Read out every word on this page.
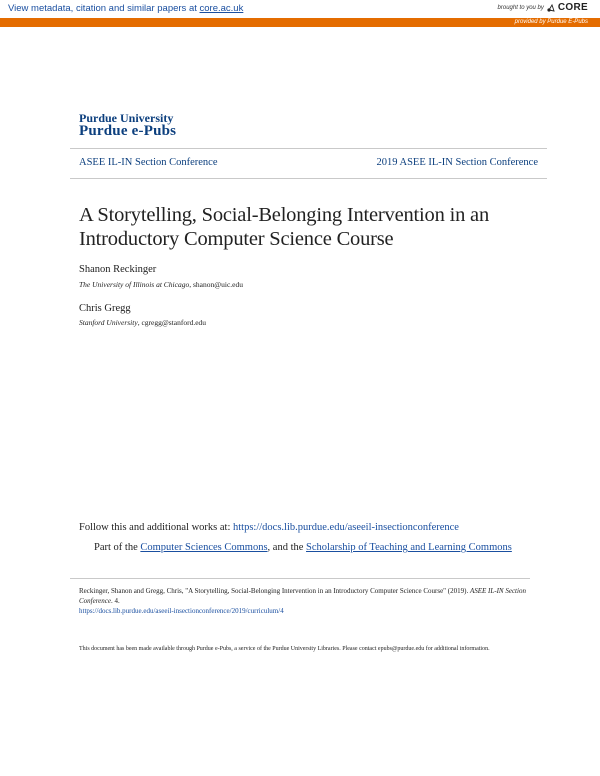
View metadata, citation and similar papers at core.ac.uk	brought to you by CORE
provided by Purdue E-Pubs
Purdue University
Purdue e-Pubs
ASEE IL-IN Section Conference	2019 ASEE IL-IN Section Conference
A Storytelling, Social-Belonging Intervention in an Introductory Computer Science Course
Shanon Reckinger
The University of Illinois at Chicago, shanon@uic.edu
Chris Gregg
Stanford University, cgregg@stanford.edu
Follow this and additional works at: https://docs.lib.purdue.edu/aseeil-insectionconference
Part of the Computer Sciences Commons, and the Scholarship of Teaching and Learning Commons
Reckinger, Shanon and Gregg, Chris, "A Storytelling, Social-Belonging Intervention in an Introductory Computer Science Course" (2019). ASEE IL-IN Section Conference. 4.
https://docs.lib.purdue.edu/aseeil-insectionconference/2019/curriculum/4
This document has been made available through Purdue e-Pubs, a service of the Purdue University Libraries. Please contact epubs@purdue.edu for additional information.
